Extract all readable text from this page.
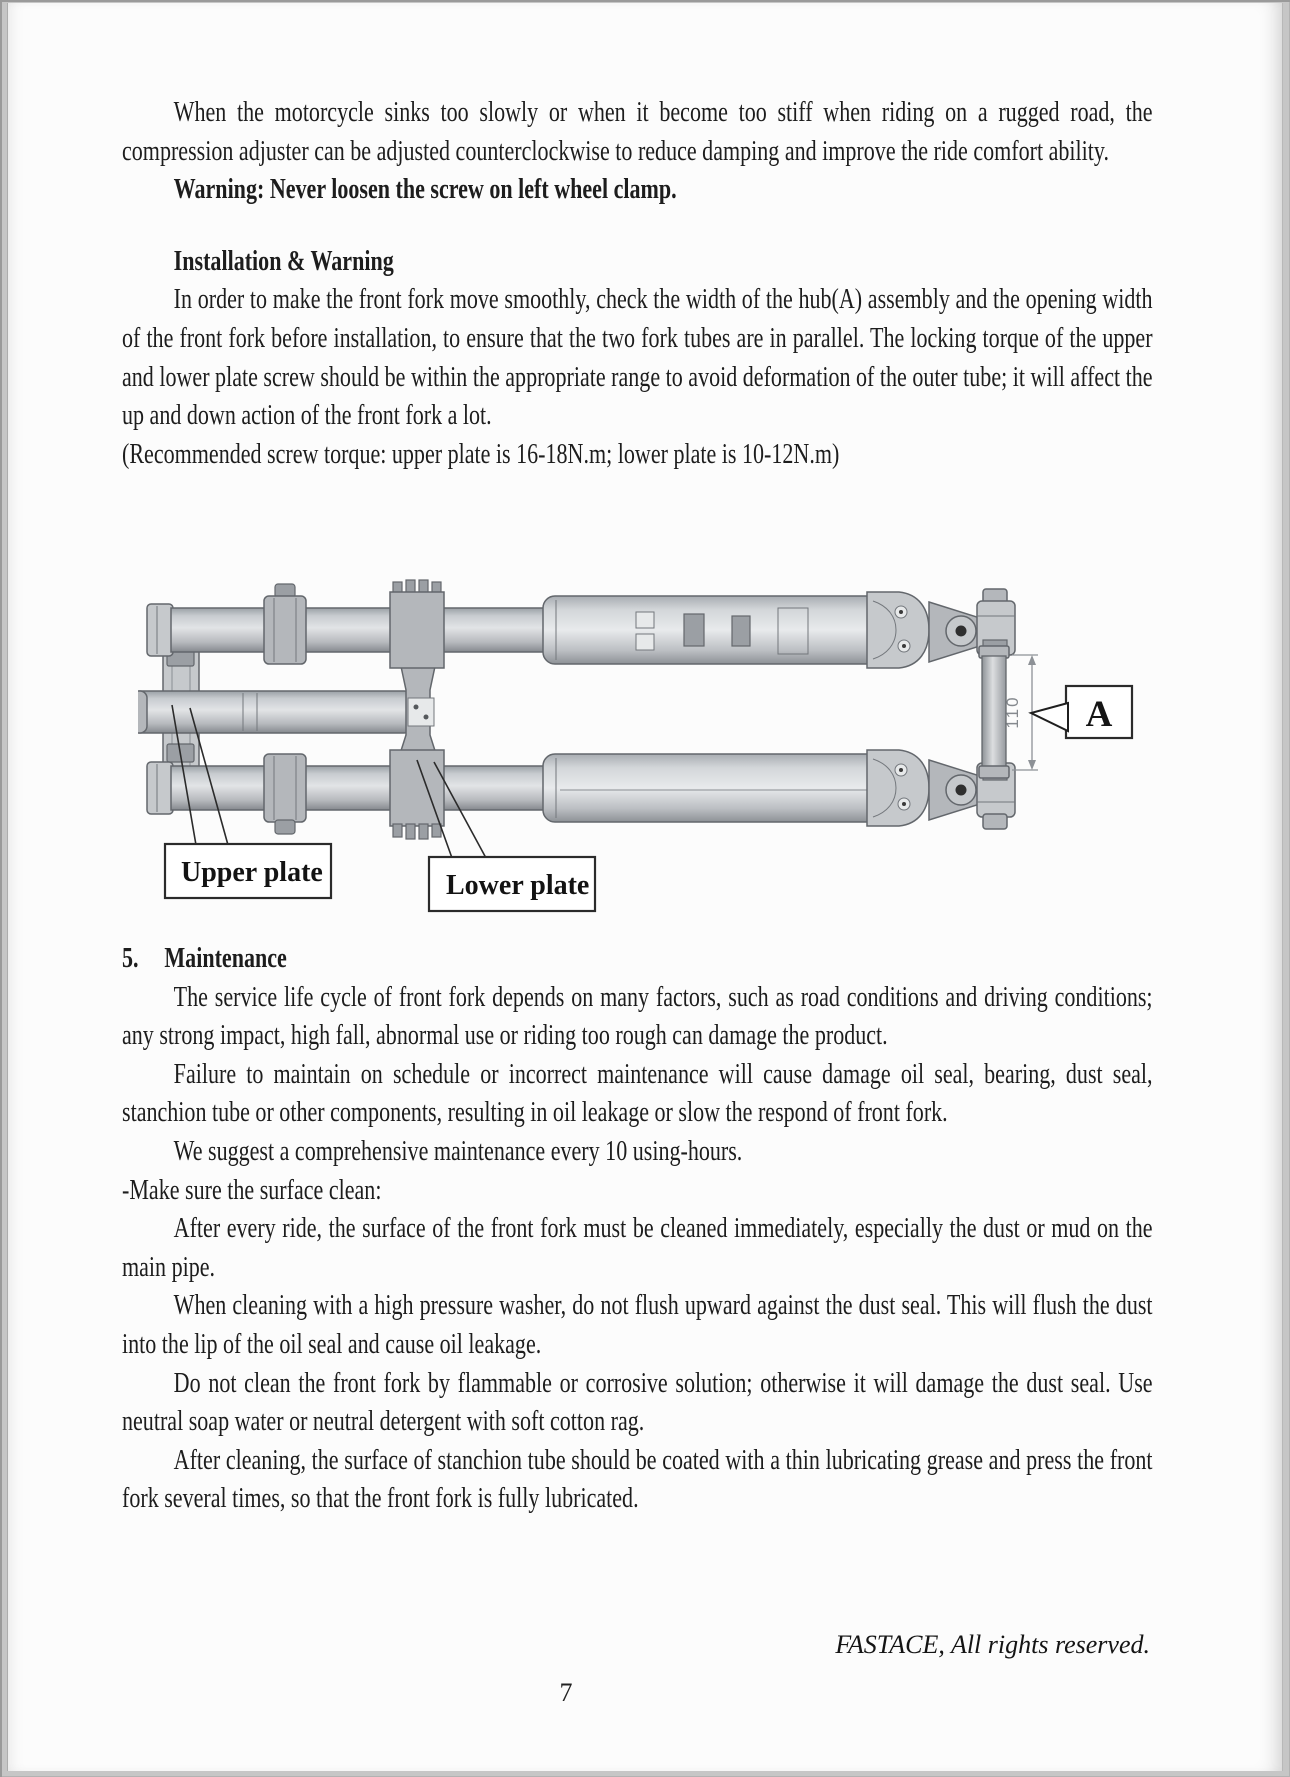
When the motorcycle sinks too slowly or when it become too stiff when riding on a rugged road, the compression adjuster can be adjusted counterclockwise to reduce damping and improve the ride comfort ability.

Warning: Never loosen the screw on left wheel clamp.

Installation & Warning

In order to make the front fork move smoothly, check the width of the hub(A) assembly and the opening width of the front fork before installation, to ensure that the two fork tubes are in parallel. The locking torque of the upper and lower plate screw should be within the appropriate range to avoid deformation of the outer tube; it will affect the up and down action of the front fork a lot.

(Recommended screw torque: upper plate is 16-18N.m; lower plate is 10-12N.m)

110 A
Upper plate	Lower plate

5. Maintenance

The service life cycle of front fork depends on many factors, such as road conditions and driving conditions; any strong impact, high fall, abnormal use or riding too rough can damage the product.

Failure to maintain on schedule or incorrect maintenance will cause damage oil seal, bearing, dust seal, stanchion tube or other components, resulting in oil leakage or slow the respond of front fork.

We suggest a comprehensive maintenance every 10 using-hours.

-Make sure the surface clean:

After every ride, the surface of the front fork must be cleaned immediately, especially the dust or mud on the main pipe.

When cleaning with a high pressure washer, do not flush upward against the dust seal. This will flush the dust into the lip of the oil seal and cause oil leakage.

Do not clean the front fork by flammable or corrosive solution; otherwise it will damage the dust seal. Use neutral soap water or neutral detergent with soft cotton rag.

After cleaning, the surface of stanchion tube should be coated with a thin lubricating grease and press the front fork several times, so that the front fork is fully lubricated.

FASTACE, All rights reserved.
7
